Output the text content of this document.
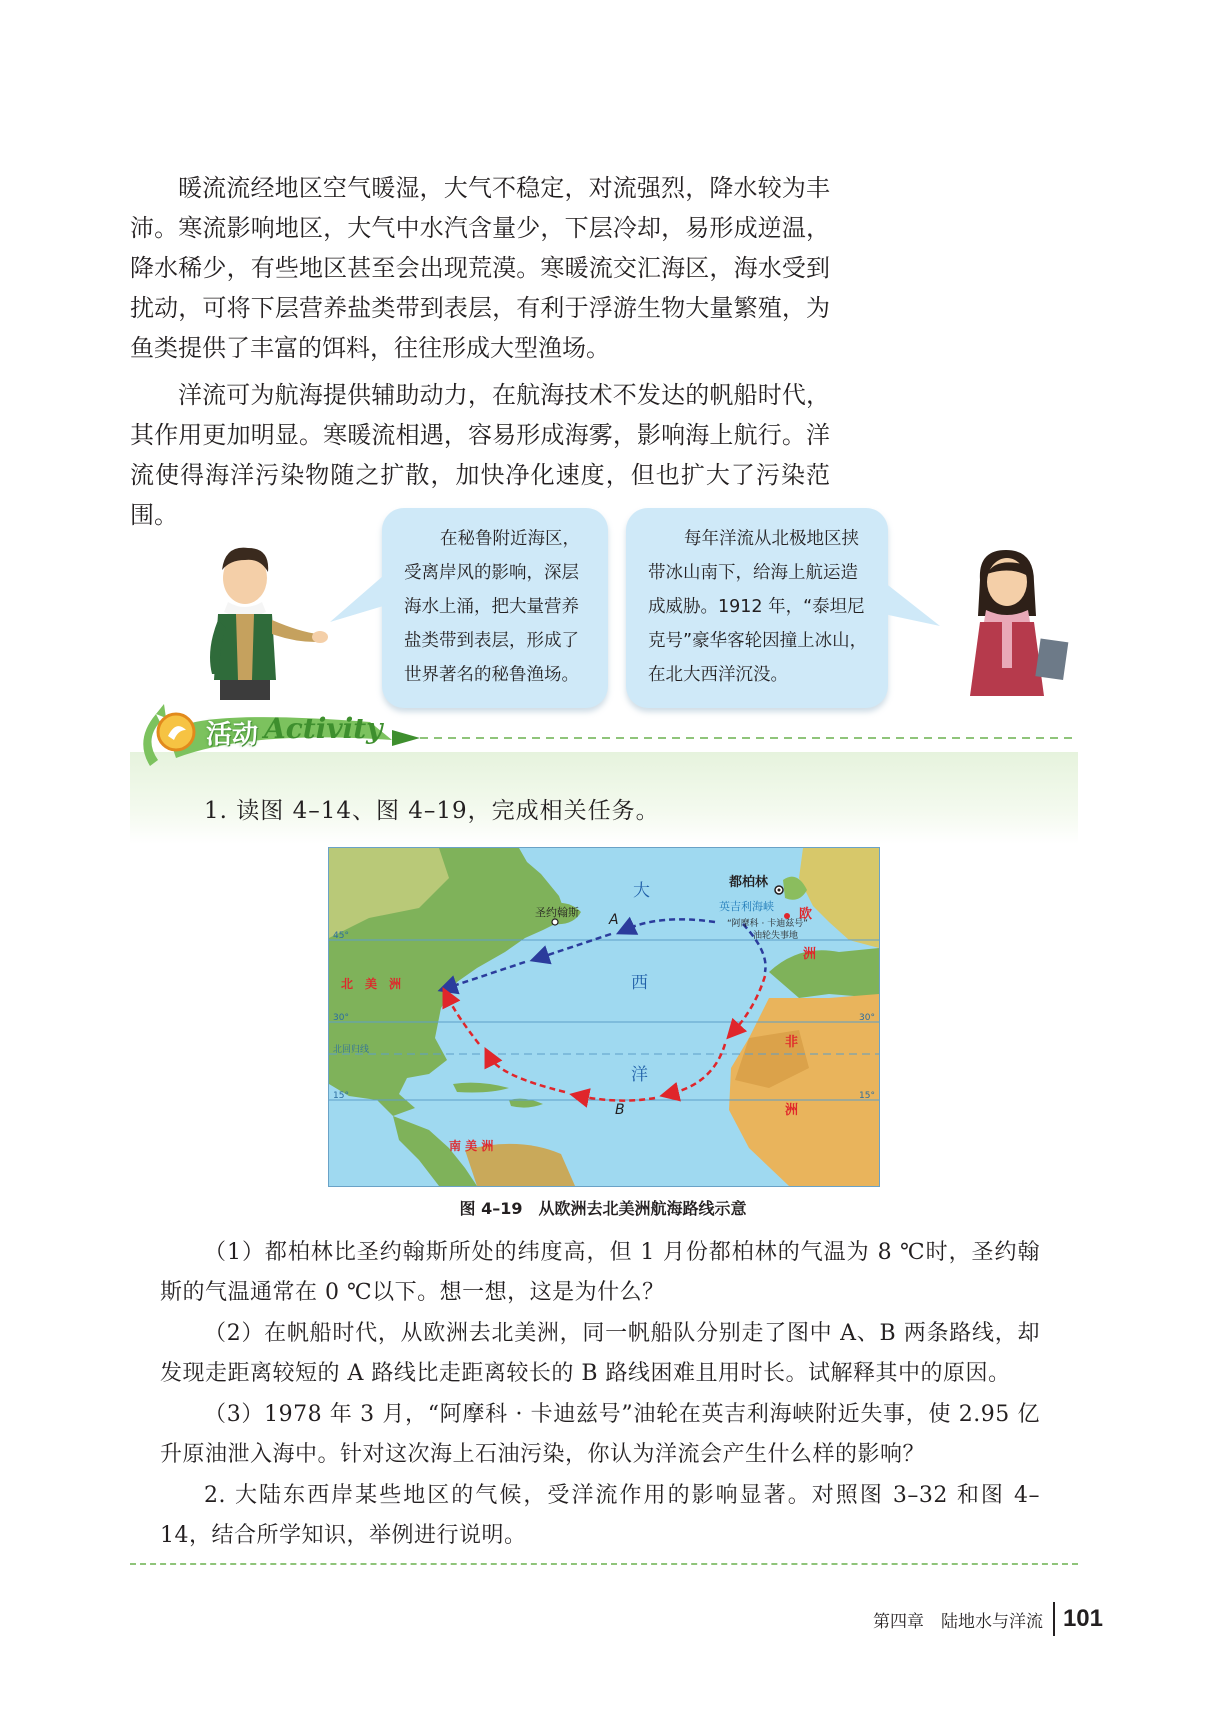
暖流流经地区空气暖湿，大气不稳定，对流强烈，降水较为丰沛。寒流影响地区，大气中水汽含量少，下层冷却，易形成逆温，降水稀少，有些地区甚至会出现荒漠。寒暖流交汇海区，海水受到扰动，可将下层营养盐类带到表层，有利于浮游生物大量繁殖，为鱼类提供了丰富的饵料，往往形成大型渔场。

洋流可为航海提供辅助动力，在航海技术不发达的帆船时代，其作用更加明显。寒暖流相遇，容易形成海雾，影响海上航行。洋流使得海洋污染物随之扩散，加快净化速度，但也扩大了污染范围。

在秘鲁附近海区，受离岸风的影响，深层海水上涌，把大量营养盐类带到表层，形成了世界著名的秘鲁渔场。

每年洋流从北极地区挟带冰山南下，给海上航运造成威胁。1912 年，“泰坦尼克号”豪华客轮因撞上冰山，在北大西洋沉没。

活动 Activity
1. 读图 4–14、图 4–19，完成相关任务。
大
西
洋
都柏林
圣约翰斯	英吉利海峡
“阿摩科 · 卡迪兹号”
油轮失事地
A
B
北　美　洲
南 美 洲
欧
洲
非
洲
北回归线
45°
30°	30°
15°	15°
图 4–19　从欧洲去北美洲航海路线示意

（1）都柏林比圣约翰斯所处的纬度高，但 1 月份都柏林的气温为 8 ℃时，圣约翰斯的气温通常在 0 ℃以下。想一想，这是为什么？

（2）在帆船时代，从欧洲去北美洲，同一帆船队分别走了图中 A、B 两条路线，却发现走距离较短的 A 路线比走距离较长的 B 路线困难且用时长。试解释其中的原因。

（3）1978 年 3 月，“阿摩科 · 卡迪兹号”油轮在英吉利海峡附近失事，使 2.95 亿升原油泄入海中。针对这次海上石油污染，你认为洋流会产生什么样的影响？

2. 大陆东西岸某些地区的气候，受洋流作用的影响显著。对照图 3–32 和图 4–14，结合所学知识，举例进行说明。

第四章　陆地水与洋流 101
